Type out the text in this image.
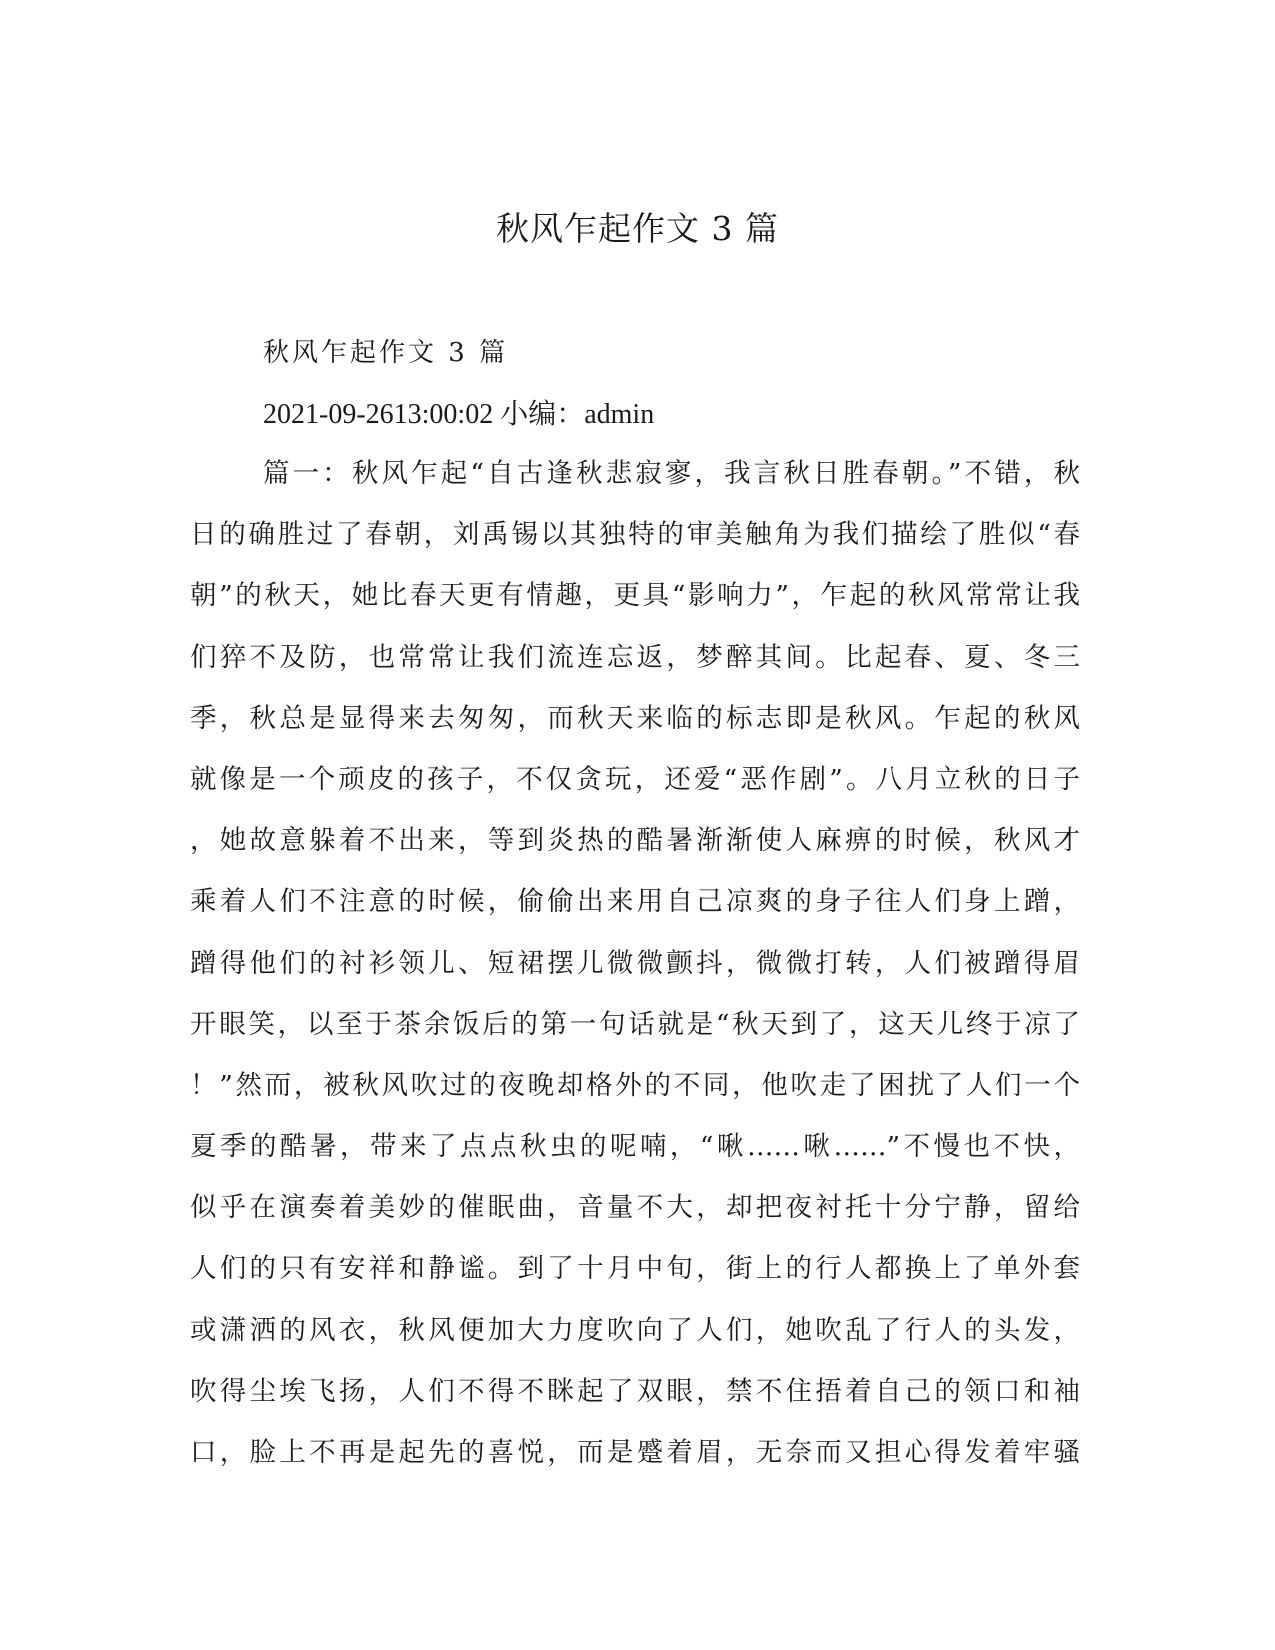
秋风乍起作文 3 篇

秋风乍起作文 3 篇

2021-09-2613:00:02 小编：admin

篇一：秋风乍起“自古逢秋悲寂寥，我言秋日胜春朝。”不错，秋
日的确胜过了春朝，刘禹锡以其独特的审美触角为我们描绘了胜似“春
朝”的秋天，她比春天更有情趣，更具“影响力”，乍起的秋风常常让我
们猝不及防，也常常让我们流连忘返，梦醉其间。比起春、夏、冬三
季，秋总是显得来去匆匆，而秋天来临的标志即是秋风。乍起的秋风
就像是一个顽皮的孩子，不仅贪玩，还爱“恶作剧”。八月立秋的日子
，她故意躲着不出来，等到炎热的酷暑渐渐使人麻痹的时候，秋风才
乘着人们不注意的时候，偷偷出来用自己凉爽的身子往人们身上蹭，
蹭得他们的衬衫领儿、短裙摆儿微微颤抖，微微打转，人们被蹭得眉
开眼笑，以至于茶余饭后的第一句话就是“秋天到了，这天儿终于凉了
！”然而，被秋风吹过的夜晚却格外的不同，他吹走了困扰了人们一个
夏季的酷暑，带来了点点秋虫的呢喃，“啾……啾……”不慢也不快，
似乎在演奏着美妙的催眠曲，音量不大，却把夜衬托十分宁静，留给
人们的只有安祥和静谧。到了十月中旬，街上的行人都换上了单外套
或潇洒的风衣，秋风便加大力度吹向了人们，她吹乱了行人的头发，
吹得尘埃飞扬，人们不得不眯起了双眼，禁不住捂着自己的领口和袖
口，脸上不再是起先的喜悦，而是蹙着眉，无奈而又担心得发着牢骚
